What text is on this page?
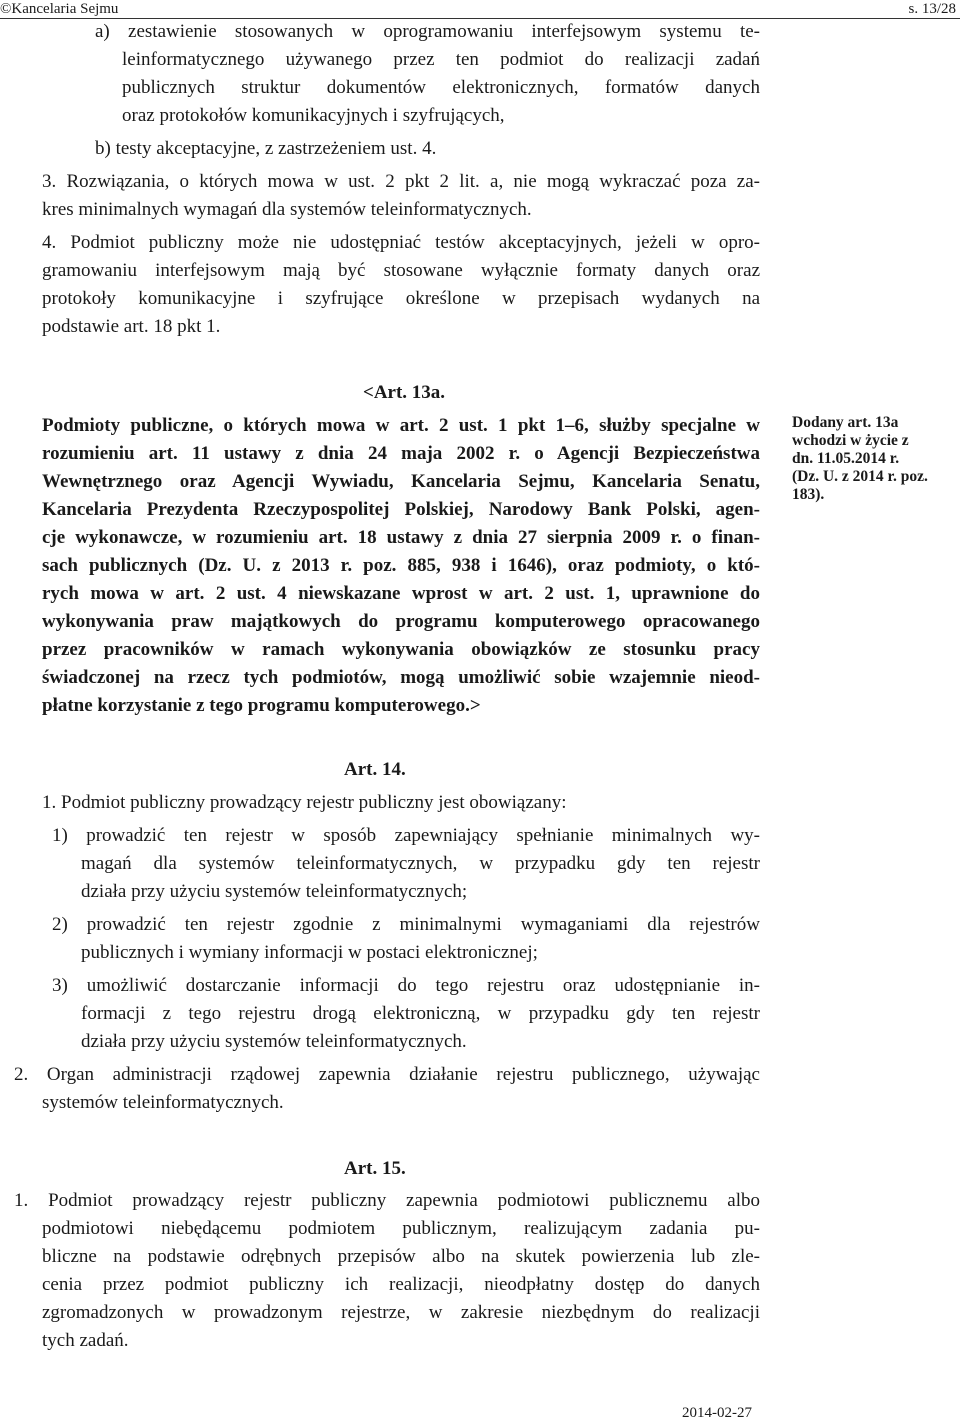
©Kancelaria Sejmu	s. 13/28
a) zestawienie stosowanych w oprogramowaniu interfejsowym systemu te-
leinformatycznego używanego przez ten podmiot do realizacji zadań
publicznych struktur dokumentów elektronicznych, formatów danych
oraz protokołów komunikacyjnych i szyfrujących,
b) testy akceptacyjne, z zastrzeżeniem ust. 4.
3. Rozwiązania, o których mowa w ust. 2 pkt 2 lit. a, nie mogą wykraczać poza za-
kres minimalnych wymagań dla systemów teleinformatycznych.
4. Podmiot publiczny może nie udostępniać testów akceptacyjnych, jeżeli w opro-
gramowaniu interfejsowym mają być stosowane wyłącznie formaty danych oraz
protokoły komunikacyjne i szyfrujące określone w przepisach wydanych na
podstawie art. 18 pkt 1.
<Art. 13a.
Podmioty publiczne, o których mowa w art. 2 ust. 1 pkt 1–6, służby specjalne w
rozumieniu art. 11 ustawy z dnia 24 maja 2002 r. o Agencji Bezpieczeństwa
Wewnętrznego oraz Agencji Wywiadu, Kancelaria Sejmu, Kancelaria Senatu,
Kancelaria Prezydenta Rzeczypospolitej Polskiej, Narodowy Bank Polski, agen-
cje wykonawcze, w rozumieniu art. 18 ustawy z dnia 27 sierpnia 2009 r. o finan-
sach publicznych (Dz. U. z 2013 r. poz. 885, 938 i 1646), oraz podmioty, o któ-
rych mowa w art. 2 ust. 4 niewskazane wprost w art. 2 ust. 1, uprawnione do
wykonywania praw majątkowych do programu komputerowego opracowanego
przez pracowników w ramach wykonywania obowiązków ze stosunku pracy
świadczonej na rzecz tych podmiotów, mogą umożliwić sobie wzajemnie nieod-
płatne korzystanie z tego programu komputerowego.>
Dodany art. 13a
wchodzi w życie z
dn. 11.05.2014 r.
(Dz. U. z 2014 r. poz.
183).
Art. 14.
1. Podmiot publiczny prowadzący rejestr publiczny jest obowiązany:
1) prowadzić ten rejestr w sposób zapewniający spełnianie minimalnych wy-
magań dla systemów teleinformatycznych, w przypadku gdy ten rejestr
działa przy użyciu systemów teleinformatycznych;
2) prowadzić ten rejestr zgodnie z minimalnymi wymaganiami dla rejestrów
publicznych i wymiany informacji w postaci elektronicznej;
3) umożliwić dostarczanie informacji do tego rejestru oraz udostępnianie in-
formacji z tego rejestru drogą elektroniczną, w przypadku gdy ten rejestr
działa przy użyciu systemów teleinformatycznych.
2. Organ administracji rządowej zapewnia działanie rejestru publicznego, używając
systemów teleinformatycznych.
Art. 15.
1. Podmiot prowadzący rejestr publiczny zapewnia podmiotowi publicznemu albo
podmiotowi niebędącemu podmiotem publicznym, realizującym zadania pu-
bliczne na podstawie odrębnych przepisów albo na skutek powierzenia lub zle-
cenia przez podmiot publiczny ich realizacji, nieodpłatny dostęp do danych
zgromadzonych w prowadzonym rejestrze, w zakresie niezbędnym do realizacji
tych zadań.
2014-02-27
